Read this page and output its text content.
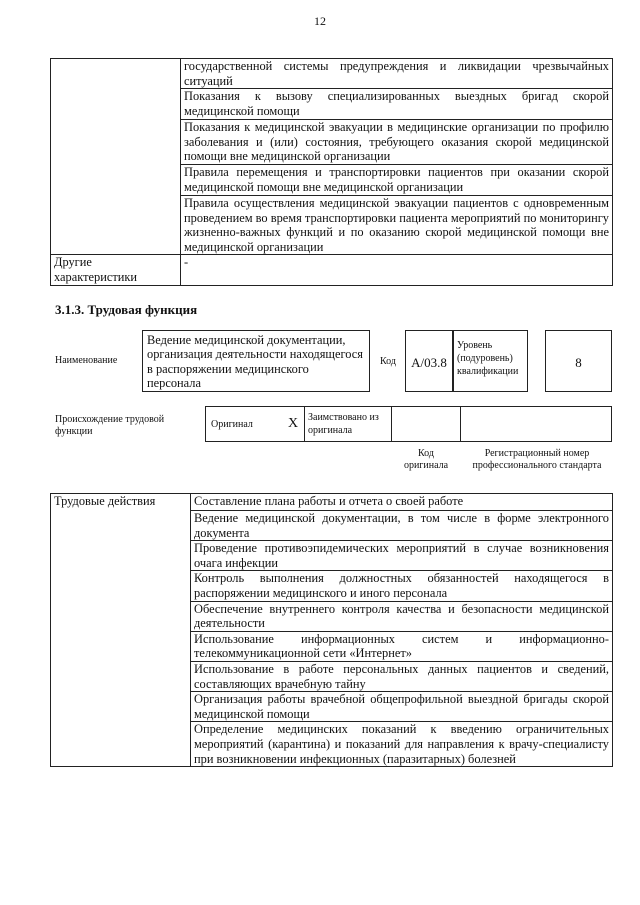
12
	государственной системы предупреждения и ликвидации чрезвычайных ситуаций
	Показания к вызову специализированных выездных бригад скорой медицинской помощи
	Показания к медицинской эвакуации в медицинские организации по профилю заболевания и (или) состояния, требующего оказания скорой медицинской помощи вне медицинской организации
	Правила перемещения и транспортировки пациентов при оказании скорой медицинской помощи вне медицинской организации
	Правила осуществления медицинской эвакуации пациентов с одновременным проведением во время транспортировки пациента мероприятий по мониторингу жизненно-важных функций и по оказанию скорой медицинской помощи вне медицинской организации
Другие характеристики	-
3.1.3. Трудовая функция
Наименование
Ведение медицинской документации, организация деятельности находящегося в распоряжении медицинского персонала
Код	A/03.8
Уровень (подуровень) квалификации
8
Происхождение трудовой функции
Оригинал	X Заимствовано из оригинала
Код оригинала
Регистрационный номер профессионального стандарта
Трудовые действия	Составление плана работы и отчета о своей работе
Ведение медицинской документации, в том числе в форме электронного документа
Проведение противоэпидемических мероприятий в случае возникновения очага инфекции
Контроль выполнения должностных обязанностей находящегося в распоряжении медицинского и иного персонала
Обеспечение внутреннего контроля качества и безопасности медицинской деятельности
Использование информационных систем и информационно-телекоммуникационной сети «Интернет»
Использование в работе персональных данных пациентов и сведений, составляющих врачебную тайну
Организация работы врачебной общепрофильной выездной бригады скорой медицинской помощи
Определение медицинских показаний к введению ограничительных мероприятий (карантина) и показаний для направления к врачу-специалисту при возникновении инфекционных (паразитарных) болезней
